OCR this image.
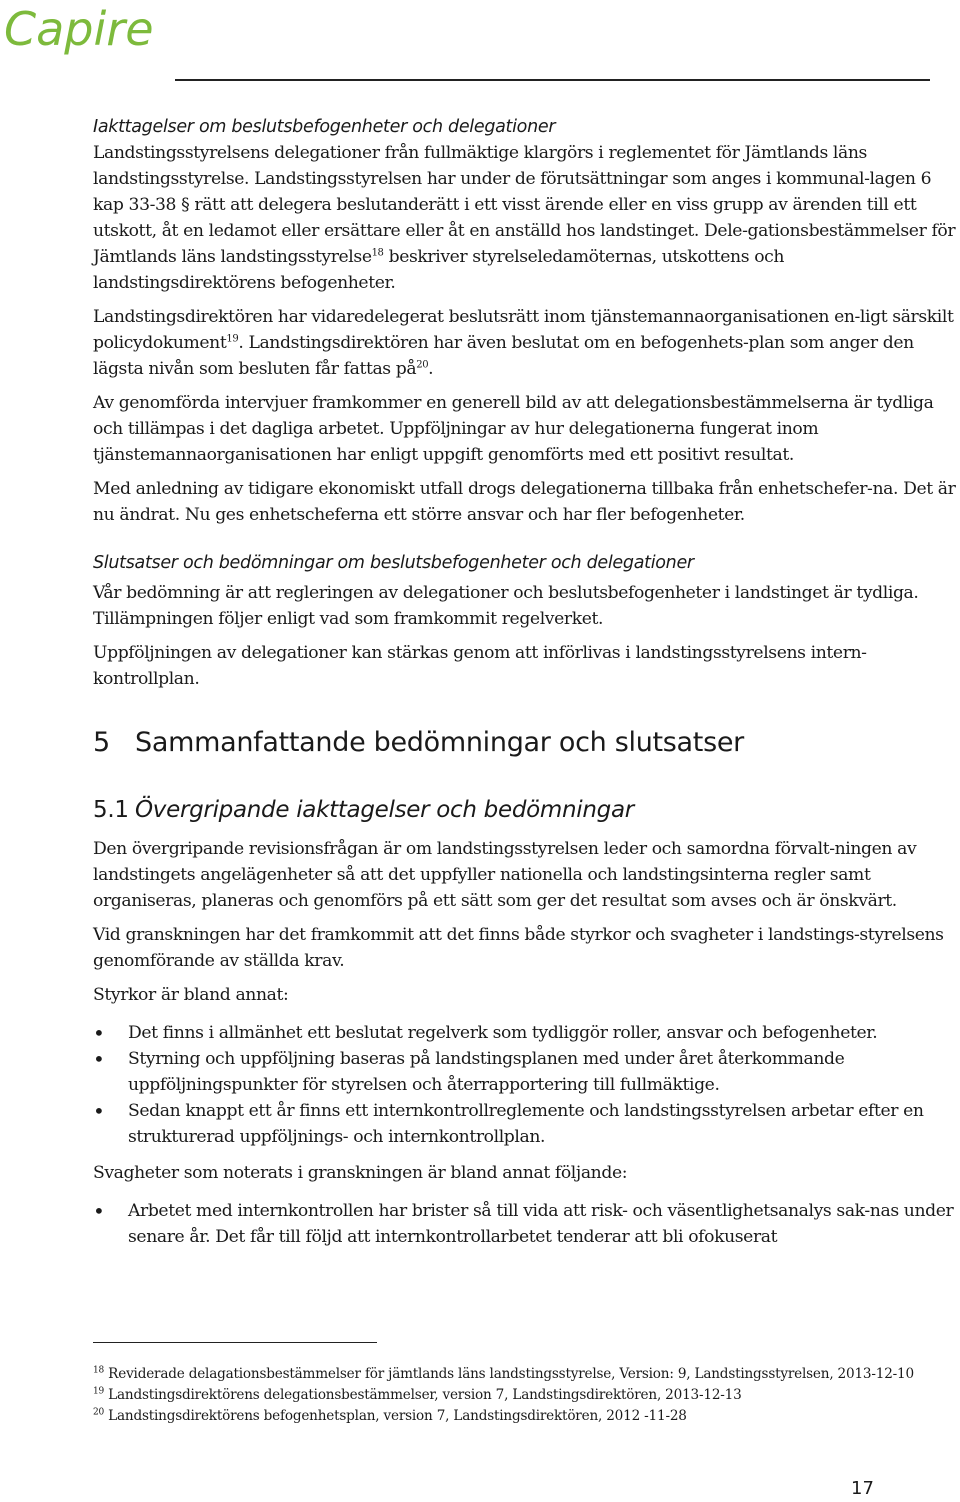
Capire

Iakttagelser om beslutsbefogenheter och delegationer

Landstingsstyrelsens delegationer från fullmäktige klargörs i reglementet för Jämtlands läns landstingsstyrelse. Landstingsstyrelsen har under de förutsättningar som anges i kommunal-lagen 6 kap 33-38 § rätt att delegera beslutanderätt i ett visst ärende eller en viss grupp av ärenden till ett utskott, åt en ledamot eller ersättare eller åt en anställd hos landstinget. Dele-gationsbestämmelser för Jämtlands läns landstingsstyrelse$^{18}$ beskriver styrelseledamöternas, utskottens och landstingsdirektörens befogenheter.

Landstingsdirektören har vidaredelegerat beslutsrätt inom tjänstemannaorganisationen en-ligt särskilt policydokument$^{19}$. Landstingsdirektören har även beslutat om en befogenhets-plan som anger den lägsta nivån som besluten får fattas $på^{20}$.

Av genomförda intervjuer framkommer en generell bild av att delegationsbestämmelserna är tydliga och tillämpas i det dagliga arbetet. Uppföljningar av hur delegationerna fungerat inom tjänstemannaorganisationen har enligt uppgift genomförts med ett positivt resultat.

Med anledning av tidigare ekonomiskt utfall drogs delegationerna tillbaka från enhetschefer-na. Det är nu ändrat. Nu ges enhetscheferna ett större ansvar och har fler befogenheter.

Slutsatser och bedömningar om beslutsbefogenheter och delegationer

Vår bedömning är att regleringen av delegationer och beslutsbefogenheter i landstinget är tydliga. Tillämpningen följer enligt vad som framkommit regelverket.

Uppföljningen av delegationer kan stärkas genom att införlivas i landstingsstyrelsens intern-kontrollplan.

5 Sammanfattande bedömningar och slutsatser
5.1 Övergripande iakttagelser och bedömningar

Den övergripande revisionsfrågan är om landstingsstyrelsen leder och samordna förvalt-ningen av landstingets angelägenheter så att det uppfyller nationella och landstingsinterna regler samt organiseras, planeras och genomförs på ett sätt som ger det resultat som avses och är önskvärt.

Vid granskningen har det framkommit att det finns både styrkor och svagheter i landstings-styrelsens genomförande av ställda krav.

Styrkor är bland annat:

• Det finns i allmänhet ett beslutat regelverk som tydliggör roller, ansvar och befogenheter.
• Styrning och uppföljning baseras på landstingsplanen med under året återkommande uppföljningspunkter för styrelsen och återrapportering till fullmäktige.
• Sedan knappt ett år finns ett internkontrollreglemente och landstingsstyrelsen arbetar efter en strukturerad uppföljnings- och internkontrollplan.

Svagheter som noterats i granskningen är bland annat följande:

• Arbetet med internkontrollen har brister så till vida att risk- och väsentlighetsanalys sak-nas under senare år. Det får till följd att internkontrollarbetet tenderar att bli ofokuserat
$^{18}$ Reviderade delagationsbestämmelser för jämtlands läns landstingsstyrelse, Version: 9, Landstingsstyrelsen, 2013-12-10
$^{19}$ Landstingsdirektörens delegationsbestämmelser, version 7, Landstingsdirektören, 2013-12-13
$^{20}$ Landstingsdirektörens befogenhetsplan, version 7, Landstingsdirektören, 2012 -11-28
17
